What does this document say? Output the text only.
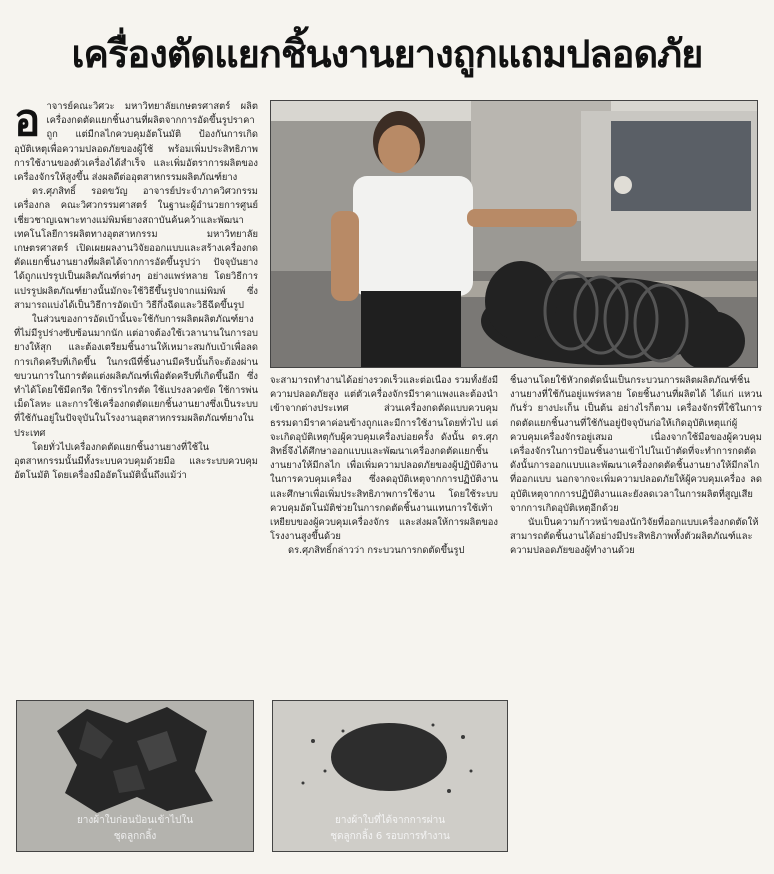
เครื่องตัดแยกชิ้นงานยางถูกแถมปลอดภัย
อ าจารย์คณะวิศวะ มหาวิทยาลัยเกษตรศาสตร์ ผลิตเครื่องกดตัดแยกชิ้นงานที่ผลิตจากการอัดขึ้นรูปราคาถูก แต่มีกลไกควบคุมอัตโนมัติ ป้องกันการเกิดอุบัติเหตุเพื่อความปลอดภัยของผู้ใช้ พร้อมเพิ่มประสิทธิภาพการใช้งานของตัวเครื่องได้สำเร็จ และเพิ่มอัตราการผลิตของเครื่องจักรให้สูงขึ้น ส่งผลดีต่ออุตสาหกรรมผลิตภัณฑ์ยาง

ดร.ศุภสิทธิ์ รอดขวัญ อาจารย์ประจำภาควิศวกรรมเครื่องกล คณะวิศวกรรมศาสตร์ ในฐานะผู้อำนวยการศูนย์เชี่ยวชาญเฉพาะทางแม่พิมพ์ยางสถาบันค้นคว้าและพัฒนาเทคโนโลยีการผลิตทางอุตสาหกรรม มหาวิทยาลัยเกษตรศาสตร์ เปิดเผยผลงานวิจัยออกแบบและสร้างเครื่องกดตัดแยกชิ้นงานยางที่ผลิตได้จากการอัดขึ้นรูปว่า ปัจจุบันยางได้ถูกแปรรูปเป็นผลิตภัณฑ์ต่างๆ อย่างแพร่หลาย โดยวิธีการแปรรูปผลิตภัณฑ์ยางนั้นมักจะใช้วิธีขึ้นรูปจากแม่พิมพ์ ซึ่งสามารถแบ่งได้เป็นวิธีการอัดเบ้า วิธีกึ่งฉีดและวิธีฉีดขึ้นรูป

ในส่วนของการอัดเบ้านั้นจะใช้กับการผลิตผลิตภัณฑ์ยางที่ไม่มีรูปร่างซับซ้อนมากนัก แต่อาจต้องใช้เวลานานในการอบยางให้สุก และต้องเตรียมชิ้นงานให้เหมาะสมกับเบ้าเพื่อลดการเกิดครีบที่เกิดขึ้น ในกรณีที่ชิ้นงานมีครีบนั้นก็จะต้องผ่านขบวนการในการตัดแต่งผลิตภัณฑ์เพื่อตัดครีบที่เกิดขึ้นอีก ซึ่งทำได้โดยใช้มีดกรีด ใช้กรรไกรตัด ใช้แปรงลวดขัด ใช้การพ่นเม็ดโลหะ และการใช้เครื่องกดตัดแยกชิ้นงานยางซึ่งเป็นระบบที่ใช้กันอยู่ในปัจจุบันในโรงงานอุตสาหกรรมผลิตภัณฑ์ยางในประเทศ

โดยทั่วไปเครื่องกดตัดแยกชิ้นงานยางที่ใช้ในอุตสาหกรรมนั้นมีทั้งระบบควบคุมด้วยมือ และระบบควบคุมอัตโนมัติ โดยเครื่องมืออัตโนมัตินั้นถึงแม้ว่า

จะสามารถทำงานได้อย่างรวดเร็วและต่อเนื่อง รวมทั้งยังมีความปลอดภัยสูง แต่ตัวเครื่องจักรมีราคาแพงและต้องนำเข้าจากต่างประเทศ ส่วนเครื่องกดตัดแบบควบคุมธรรมดามีราคาค่อนข้างถูกและมีการใช้งานโดยทั่วไป แต่จะเกิดอุบัติเหตุกับผู้ควบคุมเครื่องบ่อยครั้ง ดังนั้น ดร.ศุภสิทธิ์จึงได้ศึกษาออกแบบและพัฒนาเครื่องกดตัดแยกชิ้นงานยางให้มีกลไก เพื่อเพิ่มความปลอดภัยของผู้ปฏิบัติงานในการควบคุมเครื่อง ซึ่งลดอุบัติเหตุจากการปฏิบัติงานและศึกษาเพื่อเพิ่มประสิทธิภาพการใช้งาน โดยใช้ระบบควบคุมอัตโนมัติช่วยในการกดตัดชิ้นงานแทนการใช้เท้าเหยียบของผู้ควบคุมเครื่องจักร และส่งผลให้การผลิตของโรงงานสูงขึ้นด้วย

ดร.ศุภสิทธิ์กล่าวว่า กระบวนการกดตัดขึ้นรูป

ชิ้นงานโดยใช้หัวกดตัดนั้นเป็นกระบวนการผลิตผลิตภัณฑ์ชิ้นงานยางที่ใช้กันอยู่แพร่หลาย โดยชิ้นงานที่ผลิตได้ ได้แก่ แหวนกันรั่ว ยางปะเก็น เป็นต้น อย่างไรก็ตาม เครื่องจักรที่ใช้ในการกดตัดแยกชิ้นงานที่ใช้กันอยู่ปัจจุบันก่อให้เกิดอุบัติเหตุแก่ผู้ควบคุมเครื่องจักรอยู่เสมอ เนื่องจากใช้มือของผู้ควบคุมเครื่องจักรในการป้อนชิ้นงานเข้าไปในเบ้าตัดที่จะทำการกดตัด ดังนั้นการออกแบบและพัฒนาเครื่องกดตัดชิ้นงานยางให้มีกลไกที่ออกแบบ นอกจากจะเพิ่มความปลอดภัยให้ผู้ควบคุมเครื่อง ลดอุบัติเหตุจากการปฏิบัติงานและยังลดเวลาในการผลิตที่สูญเสียจากการเกิดอุบัติเหตุอีกด้วย

นับเป็นความก้าวหน้าของนักวิจัยที่ออกแบบเครื่องกดตัดให้สามารถตัดชิ้นงานได้อย่างมีประสิทธิภาพทั้งตัวผลิตภัณฑ์และความปลอดภัยของผู้ทำงานด้วย

ยางผ้าใบก่อนป้อนเข้าไปใน
ชุดลูกกลิ้ง
ยางผ้าใบที่ได้จากการผ่าน
ชุดลูกกลิ้ง 6 รอบการทำงาน
